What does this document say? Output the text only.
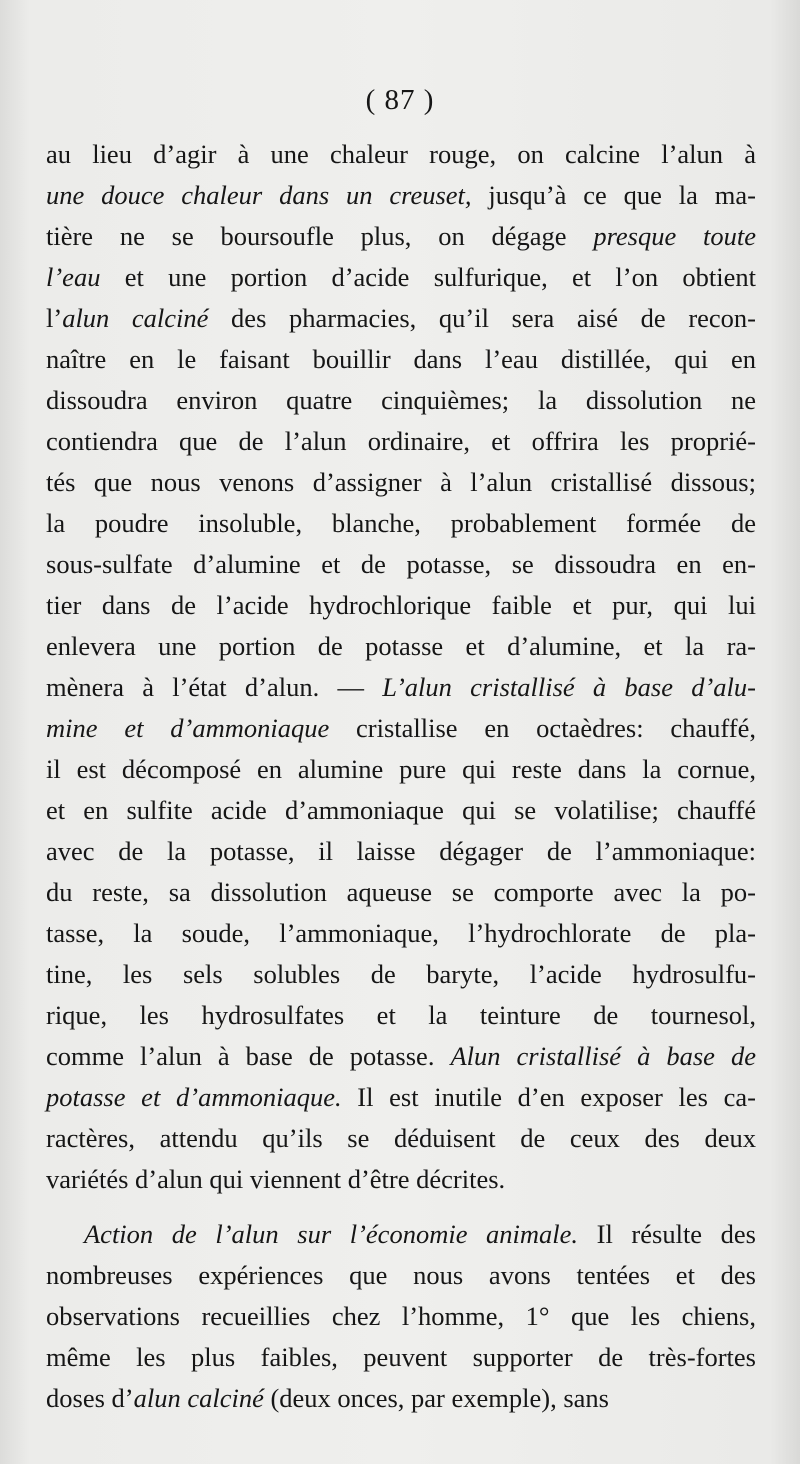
( 87 )
au lieu d’agir à une chaleur rouge, on calcine l’alun à
une douce chaleur dans un creuset, jusqu’à ce que la ma-
tière ne se boursoufle plus, on dégage presque toute
l’eau et une portion d’acide sulfurique, et l’on obtient
l’alun calciné des pharmacies, qu’il sera aisé de recon-
naître en le faisant bouillir dans l’eau distillée, qui en
dissoudra environ quatre cinquièmes; la dissolution ne
contiendra que de l’alun ordinaire, et offrira les proprié-
tés que nous venons d’assigner à l’alun cristallisé dissous;
la poudre insoluble, blanche, probablement formée de
sous-sulfate d’alumine et de potasse, se dissoudra en en-
tier dans de l’acide hydrochlorique faible et pur, qui lui
enlevera une portion de potasse et d’alumine, et la ra-
mènera à l’état d’alun. — L’alun cristallisé à base d’alu-
mine et d’ammoniaque cristallise en octaèdres: chauffé,
il est décomposé en alumine pure qui reste dans la cornue,
et en sulfite acide d’ammoniaque qui se volatilise; chauffé
avec de la potasse, il laisse dégager de l’ammoniaque:
du reste, sa dissolution aqueuse se comporte avec la po-
tasse, la soude, l’ammoniaque, l’hydrochlorate de pla-
tine, les sels solubles de baryte, l’acide hydrosulfu-
rique, les hydrosulfates et la teinture de tournesol,
comme l’alun à base de potasse. Alun cristallisé à base de
potasse et d’ammoniaque. Il est inutile d’en exposer les ca-
ractères, attendu qu’ils se déduisent de ceux des deux
variétés d’alun qui viennent d’être décrites.
Action de l’alun sur l’économie animale. Il résulte des
nombreuses expériences que nous avons tentées et des
observations recueillies chez l’homme, 1° que les chiens,
même les plus faibles, peuvent supporter de très-fortes
doses d’alun calciné (deux onces, par exemple), sans
